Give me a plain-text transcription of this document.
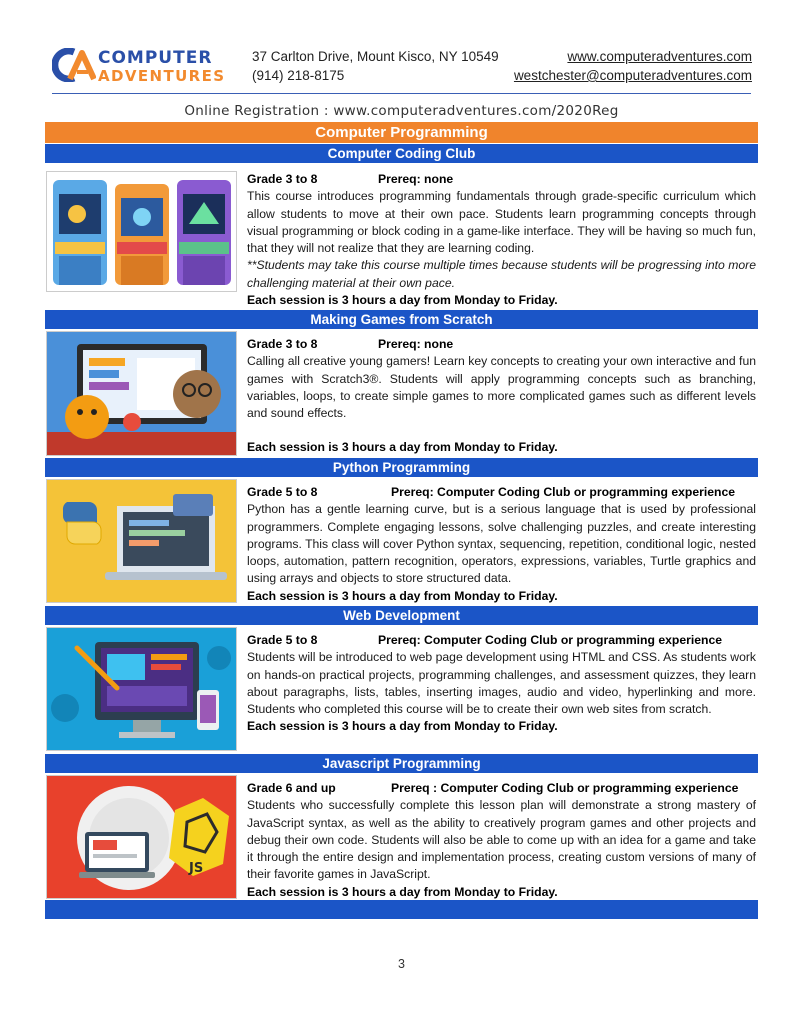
COMPUTER
ADVENTURES
37 Carlton Drive, Mount Kisco, NY 10549
(914) 218-8175
www.computeradventures.com
westchester@computeradventures.com
Online Registration : www.computeradventures.com/2020Reg
Computer Programming
Computer Coding Club
Grade 3 to 8	Prereq: none

This course introduces programming fundamentals through grade-specific curriculum which allow students to move at their own pace. Students learn programming concepts through visual programming or block coding in a game-like interface. They will be having so much fun, that they will not realize that they are learning coding.

**Students may take this course multiple times because students will be progressing into more challenging material at their own pace.

Each session is 3 hours a day from Monday to Friday.
Making Games from Scratch
Grade 3 to 8	Prereq: none

Calling all creative young gamers! Learn key concepts to creating your own interactive and fun games with Scratch3®. Students will apply programming concepts such as branching, variables, loops, to create simple games to more complicated games such as different levels and sound effects.

Each session is 3 hours a day from Monday to Friday.
Python Programming
Grade 5 to 8	Prereq: Computer Coding Club or programming experience

Python has a gentle learning curve, but is a serious language that is used by professional programmers. Complete engaging lessons, solve challenging puzzles, and create interesting programs. This class will cover Python syntax, sequencing, repetition, conditional logic, nested loops, automation, pattern recognition, operators, expressions, variables, Turtle graphics and using arrays and objects to store structured data.

Each session is 3 hours a day from Monday to Friday.
Web Development
Grade 5 to 8	Prereq: Computer Coding Club or programming experience

Students will be introduced to web page development using HTML and CSS. As students work on hands-on practical projects, programming challenges, and assessment quizzes, they learn about paragraphs, lists, tables, inserting images, audio and video, hyperlinking and more. Students who completed this course will be to create their own web sites from scratch.

Each session is 3 hours a day from Monday to Friday.
Javascript Programming
JS
Grade 6 and up	Prereq : Computer Coding Club or programming experience

Students who successfully complete this lesson plan will demonstrate a strong mastery of JavaScript syntax, as well as the ability to creatively program games and other projects and debug their own code. Students will also be able to come up with an idea for a game and take it through the entire design and implementation process, creating custom versions of many of their favorite games in JavaScript.

Each session is 3 hours a day from Monday to Friday.
3
